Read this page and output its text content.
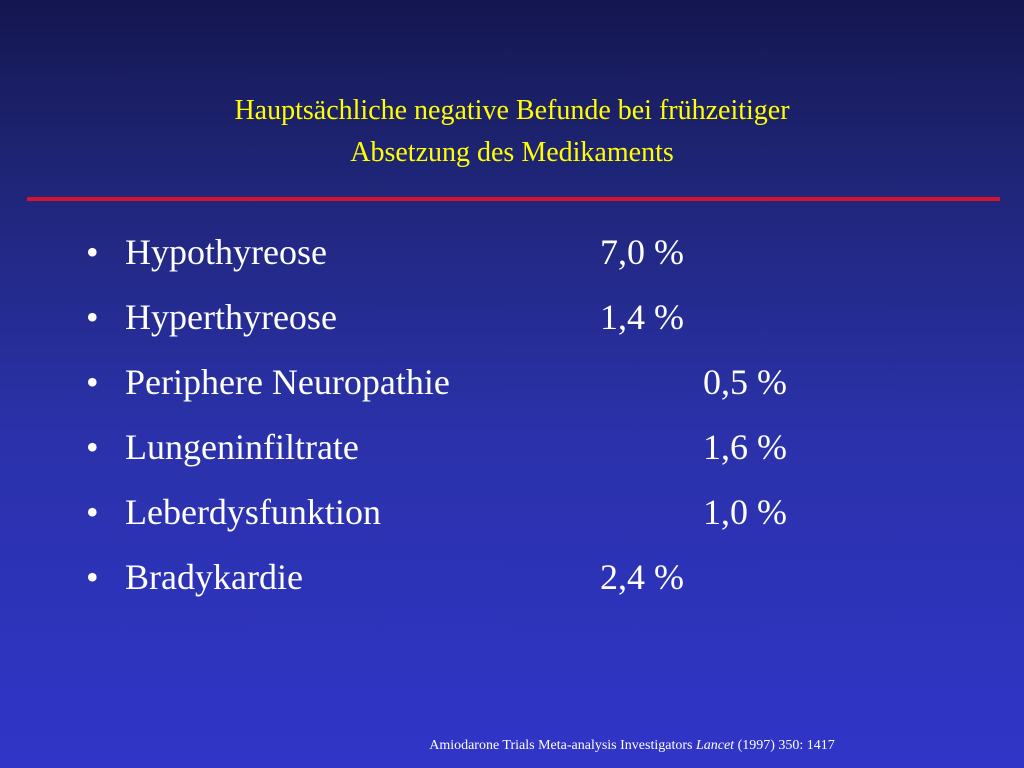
Hauptsächliche negative Befunde bei frühzeitiger
Absetzung des Medikaments
• Hypothyreose	7,0 %
• Hyperthyreose	1,4 %
• Periphere Neuropathie	0,5 %
• Lungeninfiltrate	1,6 %
• Leberdysfunktion	1,0 %
• Bradykardie	2,4 %
Amiodarone Trials Meta-analysis Investigators Lancet (1997) 350: 1417
